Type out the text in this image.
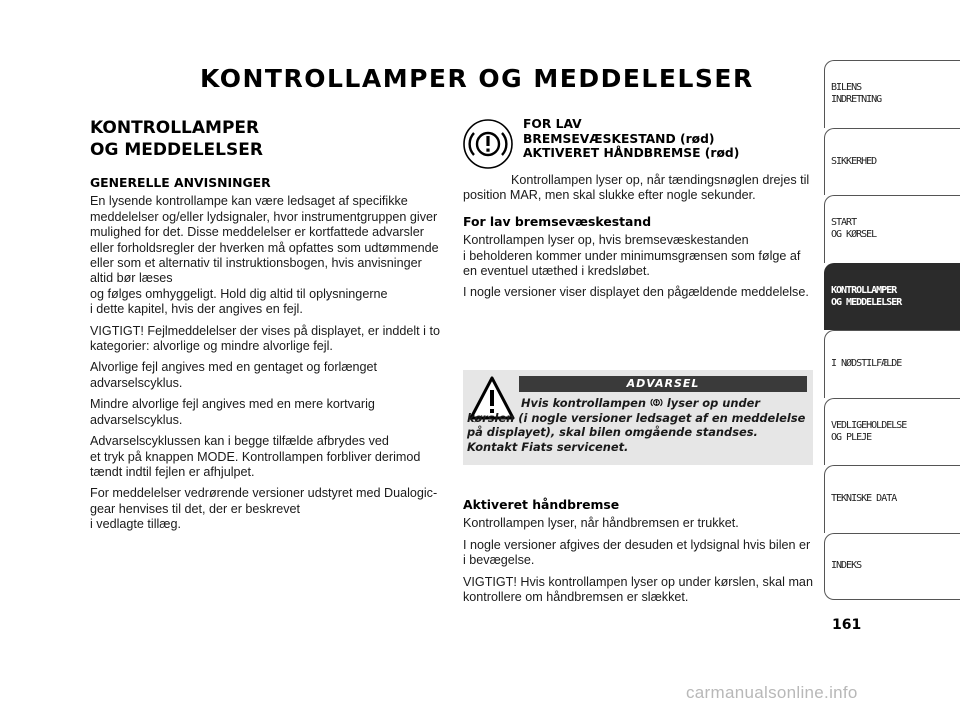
KONTROLLAMPER OG MEDDELELSER
KONTROLLAMPER
OG MEDDELELSER
GENERELLE ANVISNINGER

En lysende kontrollampe kan være ledsaget af specifikke meddelelser og/eller lydsignaler, hvor instrumentgruppen giver mulighed for det. Disse meddelelser er kortfattede advarsler eller forholdsregler der hverken må opfattes som udtømmende eller som et alternativ til instruktionsbogen, hvis anvisninger altid bør læses
og følges omhyggeligt. Hold dig altid til oplysningerne
i dette kapitel, hvis der angives en fejl.

VIGTIGT! Fejlmeddelelser der vises på displayet, er inddelt i to kategorier: alvorlige og mindre alvorlige fejl.

Alvorlige fejl angives med en gentaget og forlænget advarselscyklus.

Mindre alvorlige fejl angives med en mere kortvarig advarselscyklus.

Advarselscyklussen kan i begge tilfælde afbrydes ved
et tryk på knappen MODE. Kontrollampen forbliver derimod tændt indtil fejlen er afhjulpet.

For meddelelser vedrørende versioner udstyret med Dualogic-gear henvises til det, der er beskrevet
i vedlagte tillæg.

FOR LAV
BREMSEVÆSKESTAND (rød)
AKTIVERET HÅNDBREMSE (rød)

Kontrollampen lyser op, når tændingsnøglen drejes til position MAR, men skal slukke efter nogle sekunder.

For lav bremsevæskestand

Kontrollampen lyser op, hvis bremsevæskestanden
i beholderen kommer under minimumsgrænsen som følge af en eventuel utæthed i kredsløbet.

I nogle versioner viser displayet den pågældende meddelelse.

ADVARSEL
Hvis kontrollampen  lyser op under kørslen (i nogle versioner ledsaget af en meddelelse på displayet), skal bilen omgående standses. Kontakt Fiats servicenet.
Aktiveret håndbremse

Kontrollampen lyser, når håndbremsen er trukket.

I nogle versioner afgives der desuden et lydsignal hvis bilen er i bevægelse.

VIGTIGT! Hvis kontrollampen lyser op under kørslen, skal man kontrollere om håndbremsen er slækket.

BILENS
INDRETNING
SIKKERHED
START
OG KØRSEL
KONTROLLAMPER
OG MEDDELELSER
I NØDSTILFÆLDE
VEDLIGEHOLDELSE
OG PLEJE
TEKNISKE DATA
INDEKS
161
carmanualsonline.info
